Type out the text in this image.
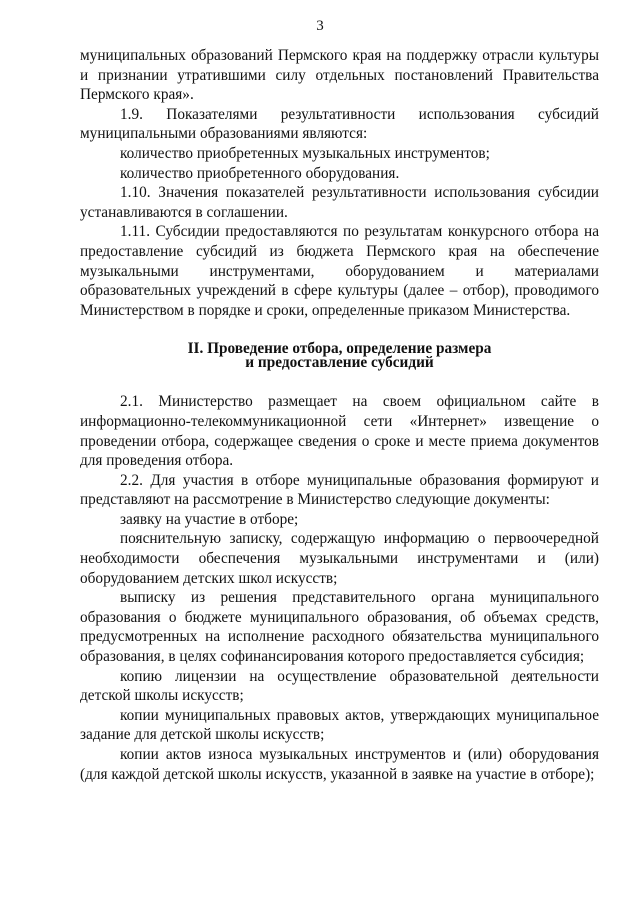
3

муниципальных образований Пермского края на поддержку отрасли культуры и признании утратившими силу отдельных постановлений Правительства Пермского края».

1.9. Показателями результативности использования субсидий муниципальными образованиями являются:

количество приобретенных музыкальных инструментов;

количество приобретенного оборудования.

1.10. Значения показателей результативности использования субсидии устанавливаются в соглашении.

1.11. Субсидии предоставляются по результатам конкурсного отбора на предоставление субсидий из бюджета Пермского края на обеспечение музыкальными инструментами, оборудованием и материалами образовательных учреждений в сфере культуры (далее – отбор), проводимого Министерством в порядке и сроки, определенные приказом Министерства.

II. Проведение отбора, определение размера
и предоставление субсидий

2.1. Министерство размещает на своем официальном сайте в информационно-телекоммуникационной сети «Интернет» извещение о проведении отбора, содержащее сведения о сроке и месте приема документов для проведения отбора.

2.2. Для участия в отборе муниципальные образования формируют и представляют на рассмотрение в Министерство следующие документы:

заявку на участие в отборе;

пояснительную записку, содержащую информацию о первоочередной необходимости обеспечения музыкальными инструментами и (или) оборудованием детских школ искусств;

выписку из решения представительного органа муниципального образования о бюджете муниципального образования, об объемах средств, предусмотренных на исполнение расходного обязательства муниципального образования, в целях софинансирования которого предоставляется субсидия;

копию лицензии на осуществление образовательной деятельности детской школы искусств;

копии муниципальных правовых актов, утверждающих муниципальное задание для детской школы искусств;

копии актов износа музыкальных инструментов и (или) оборудования (для каждой детской школы искусств, указанной в заявке на участие в отборе);
